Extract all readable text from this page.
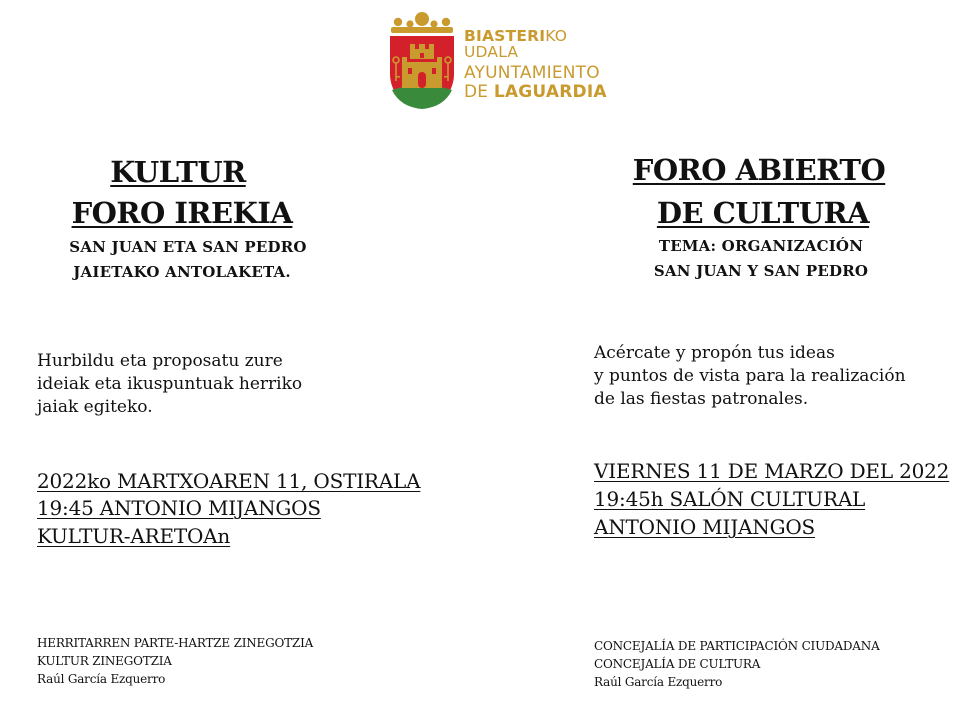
BIASTERIKO
UDALA
AYUNTAMIENTO
DE LAGUARDIA
KULTUR
FORO IREKIA
SAN JUAN ETA SAN PEDRO
JAIETAKO ANTOLAKETA.
Hurbildu eta proposatu zure
ideiak eta ikuspuntuak herriko
jaiak egiteko.
2022ko MARTXOAREN 11, OSTIRALA
19:45 ANTONIO MIJANGOS
KULTUR-ARETOAn
HERRITARREN PARTE-HARTZE ZINEGOTZIA
KULTUR ZINEGOTZIA
Raúl García Ezquerro
FORO ABIERTO
DE CULTURA
TEMA: ORGANIZACIÓN
SAN JUAN Y SAN PEDRO
Acércate y propón tus ideas
y puntos de vista para la realización
de las fiestas patronales.
VIERNES 11 DE MARZO DEL 2022
19:45h SALÓN CULTURAL
ANTONIO MIJANGOS
CONCEJALÍA DE PARTICIPACIÓN CIUDADANA
CONCEJALÍA DE CULTURA
Raúl García Ezquerro
